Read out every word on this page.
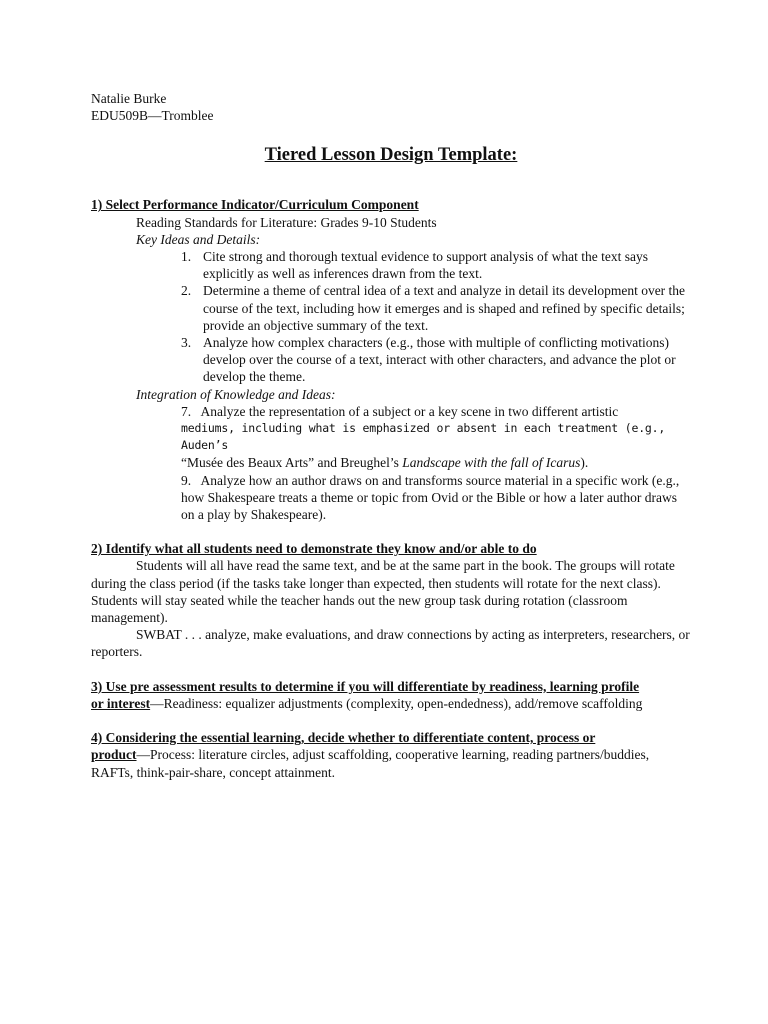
Natalie Burke

EDU509B—Tromblee

Tiered Lesson Design Template:
1) Select Performance Indicator/Curriculum Component

Reading Standards for Literature: Grades 9-10 Students

Key Ideas and Details:

1. Cite strong and thorough textual evidence to support analysis of what the text says explicitly as well as inferences drawn from the text.
2. Determine a theme of central idea of a text and analyze in detail its development over the course of the text, including how it emerges and is shaped and refined by specific details; provide an objective summary of the text.
3. Analyze how complex characters (e.g., those with multiple of conflicting motivations) develop over the course of a text, interact with other characters, and advance the plot or develop the theme.

Integration of Knowledge and Ideas:

7.   Analyze the representation of a subject or a key scene in two different artistic

mediums, including what is emphasized or absent in each treatment (e.g., Auden’s

“Musée des Beaux Arts” and Breughel’s Landscape with the fall of Icarus).

9.   Analyze how an author draws on and transforms source material in a specific work (e.g., how Shakespeare treats a theme or topic from Ovid or the Bible or how a later author draws on a play by Shakespeare).

2) Identify what all students need to demonstrate they know and/or able to do

Students will all have read the same text, and be at the same part in the book. The groups will rotate during the class period (if the tasks take longer than expected, then students will rotate for the next class). Students will stay seated while the teacher hands out the new group task during rotation (classroom management).

SWBAT . . . analyze, make evaluations, and draw connections by acting as interpreters, researchers, or reporters.

3) Use pre assessment results to determine if you will differentiate by readiness, learning profile

or interest—Readiness: equalizer adjustments (complexity, open-endedness), add/remove scaffolding

4) Considering the essential learning, decide whether to differentiate content, process or

product—Process: literature circles, adjust scaffolding, cooperative learning, reading partners/buddies, RAFTs, think-pair-share, concept attainment.
